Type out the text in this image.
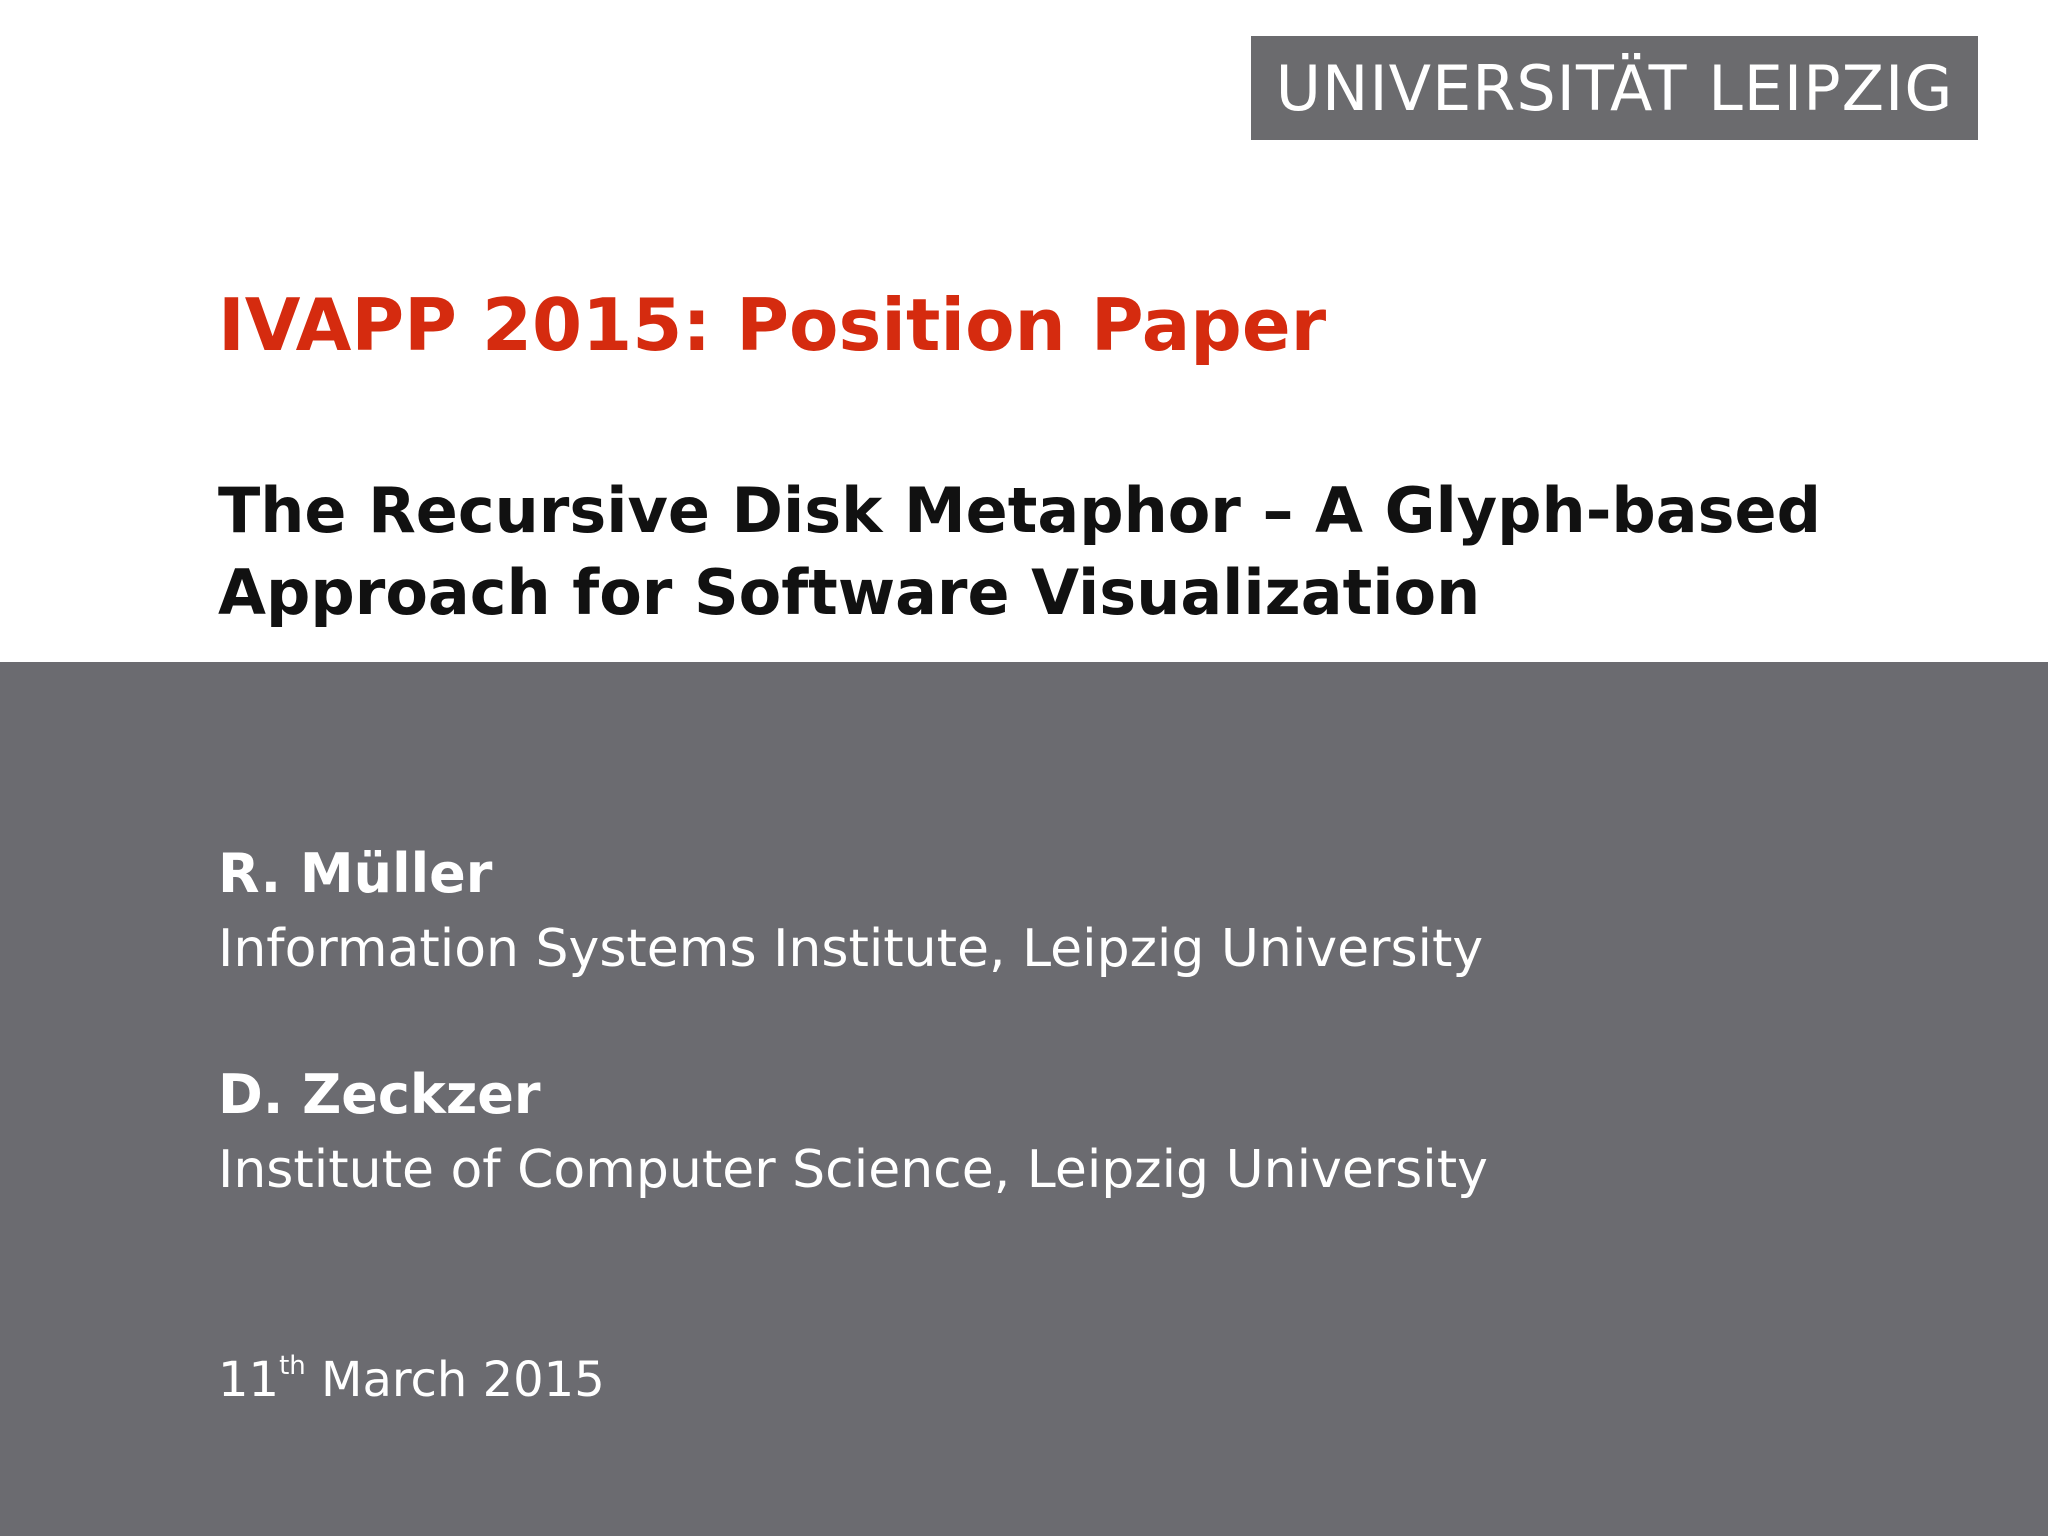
UNIVERSITÄT LEIPZIG
IVAPP 2015: Position Paper
The Recursive Disk Metaphor – A Glyph-based
Approach for Software Visualization
R. Müller
Information Systems Institute, Leipzig University
D. Zeckzer
Institute of Computer Science, Leipzig University
11th March 2015
